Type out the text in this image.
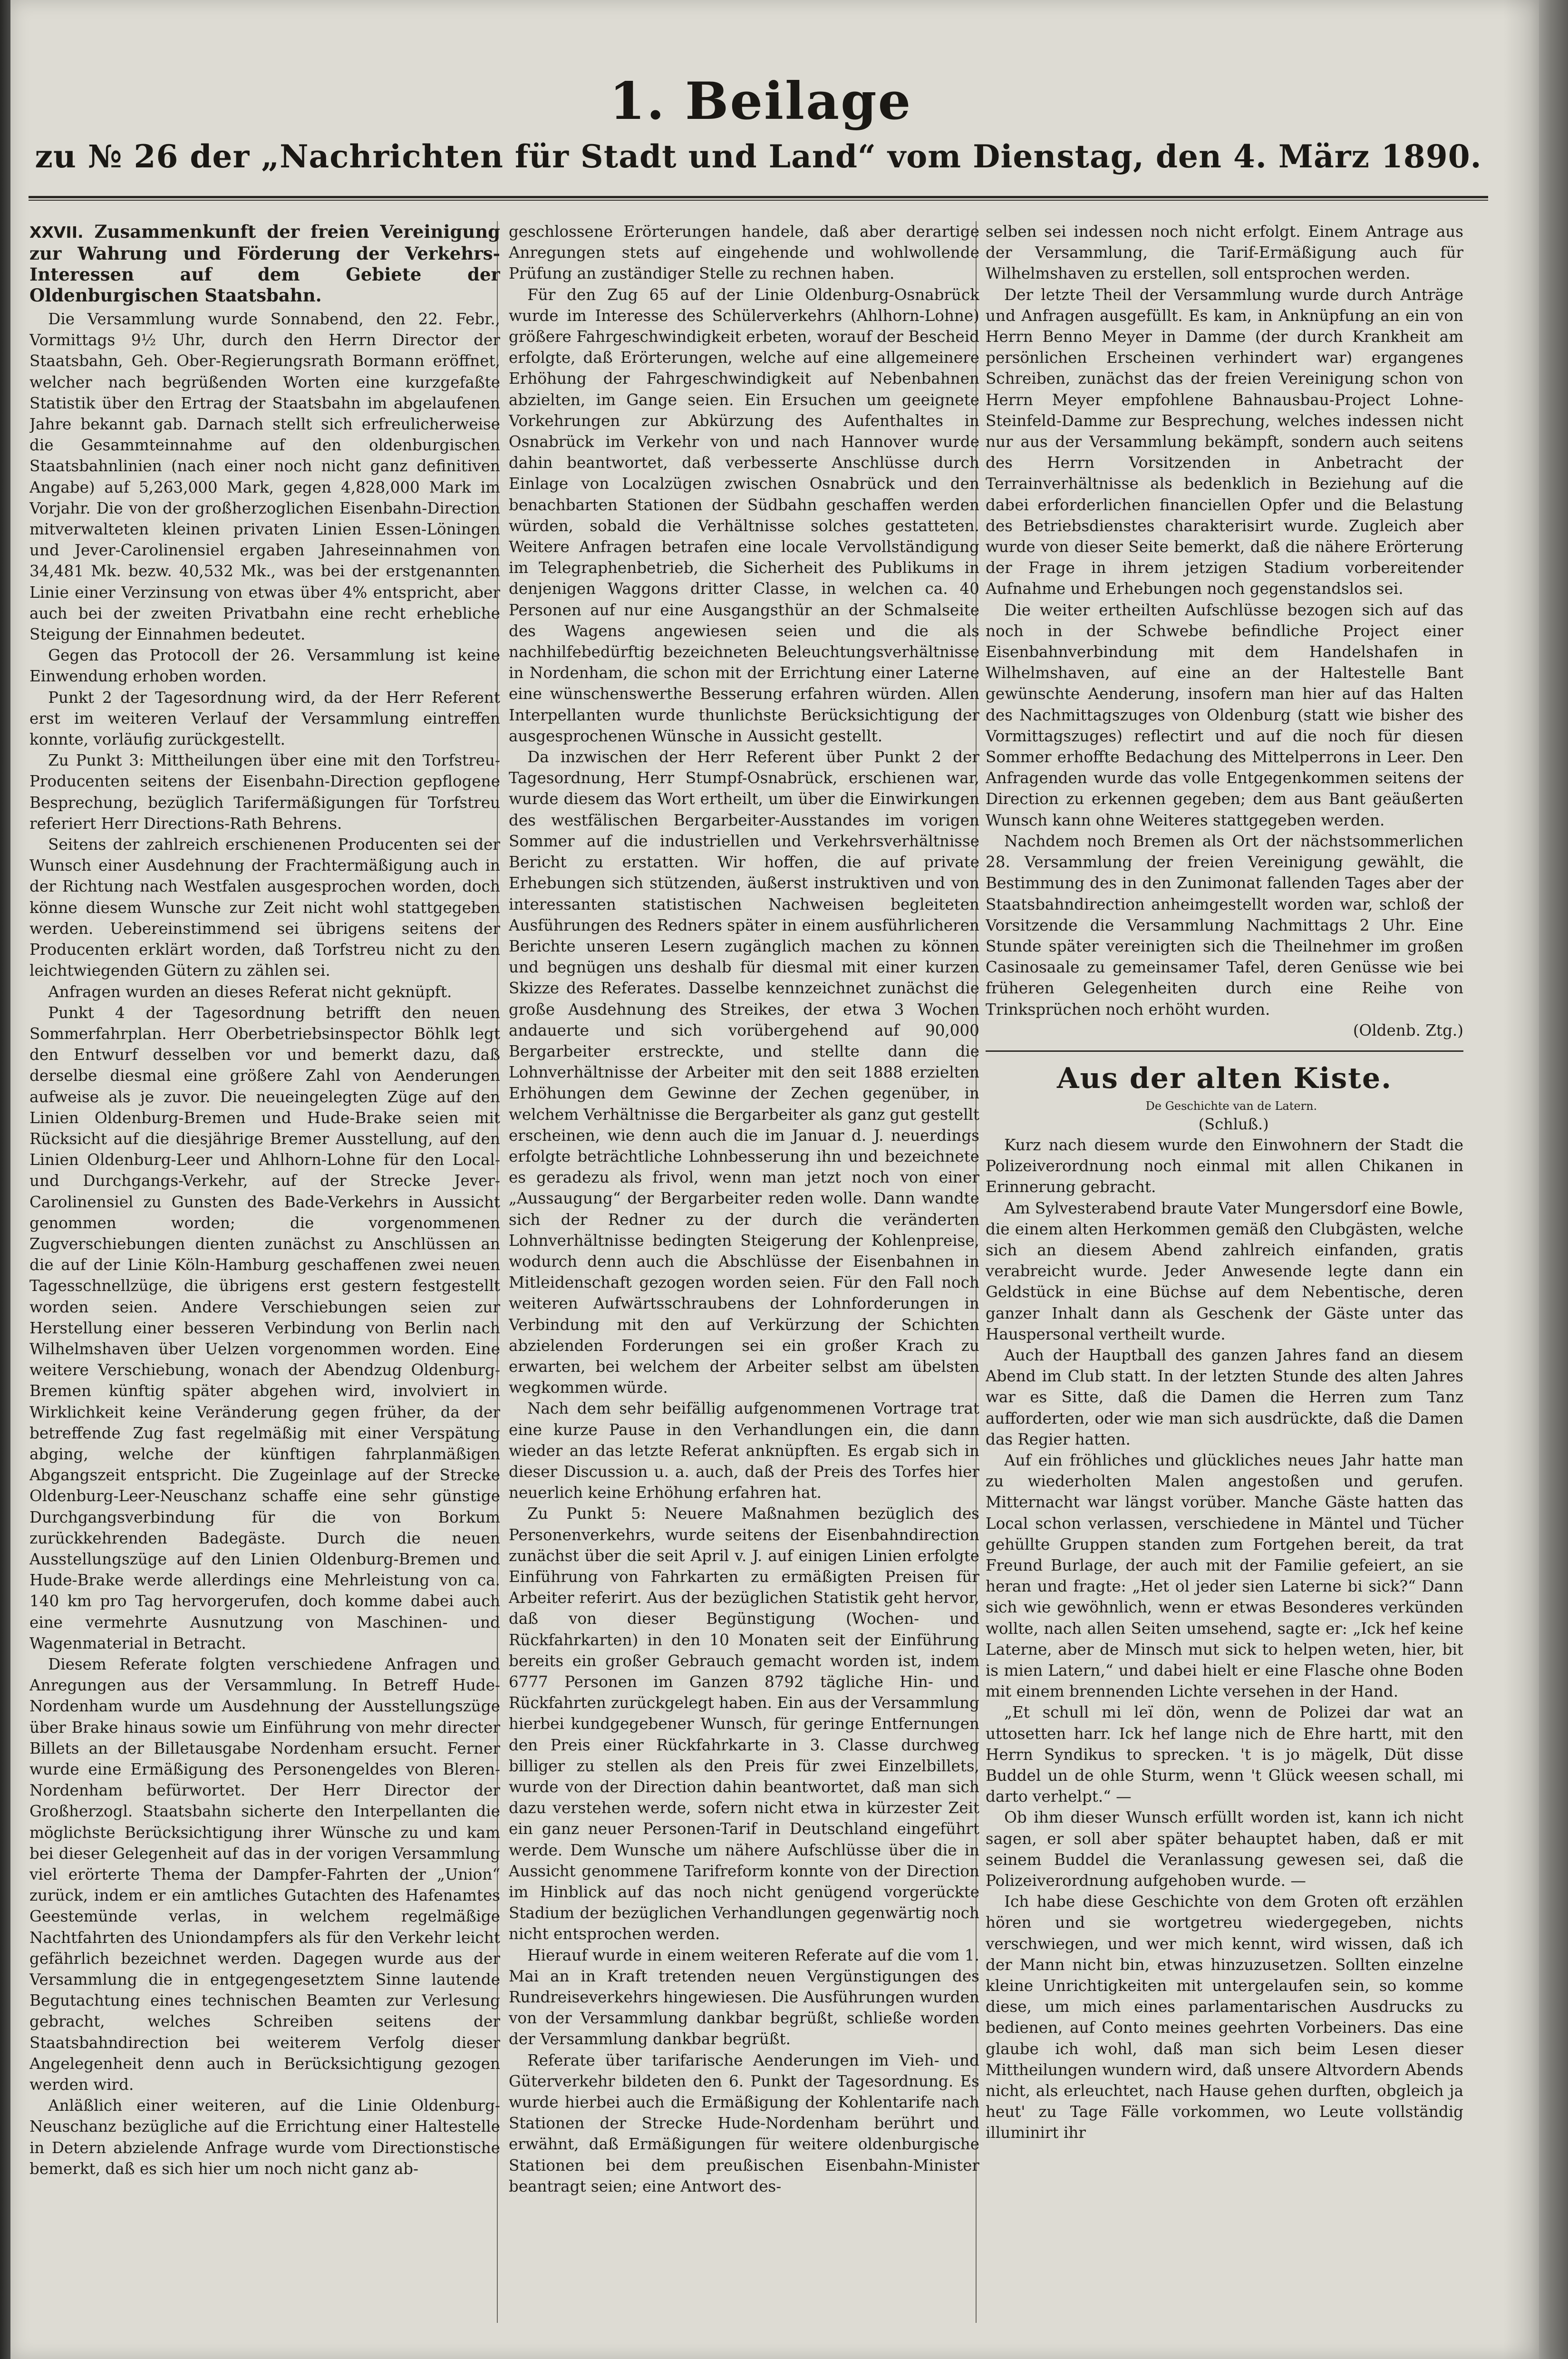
1. Beilage
zu № 26 der „Nachrichten für Stadt und Land“ vom Dienstag, den 4. März 1890.
XXVII. Zusammenkunft der freien Vereinigung zur Wahrung und Förderung der Verkehrs-Interessen auf dem Gebiete der Oldenburgischen Staatsbahn.

Die Versammlung wurde Sonnabend, den 22. Febr., Vormittags 9½ Uhr, durch den Herrn Director der Staatsbahn, Geh. Ober-Regierungsrath Bormann eröffnet, welcher nach begrüßenden Worten eine kurzgefaßte Statistik über den Ertrag der Staatsbahn im abgelaufenen Jahre bekannt gab. Darnach stellt sich erfreulicherweise die Gesammteinnahme auf den oldenburgischen Staatsbahnlinien (nach einer noch nicht ganz definitiven Angabe) auf 5,263,000 Mark, gegen 4,828,000 Mark im Vorjahr. Die von der großherzoglichen Eisenbahn-Direction mitverwalteten kleinen privaten Linien Essen-Löningen und Jever-Carolinensiel ergaben Jahreseinnahmen von 34,481 Mk. bezw. 40,532 Mk., was bei der erstgenannten Linie einer Verzinsung von etwas über 4% entspricht, aber auch bei der zweiten Privatbahn eine recht erhebliche Steigung der Einnahmen bedeutet.

Gegen das Protocoll der 26. Versammlung ist keine Einwendung erhoben worden.

Punkt 2 der Tagesordnung wird, da der Herr Referent erst im weiteren Verlauf der Versammlung eintreffen konnte, vorläufig zurückgestellt.

Zu Punkt 3: Mittheilungen über eine mit den Torfstreu-Producenten seitens der Eisenbahn-Direction gepflogene Besprechung, bezüglich Tarifermäßigungen für Torfstreu referiert Herr Directions-Rath Behrens.

Seitens der zahlreich erschienenen Producenten sei der Wunsch einer Ausdehnung der Frachtermäßigung auch in der Richtung nach Westfalen ausgesprochen worden, doch könne diesem Wunsche zur Zeit nicht wohl stattgegeben werden. Uebereinstimmend sei übrigens seitens der Producenten erklärt worden, daß Torfstreu nicht zu den leichtwiegenden Gütern zu zählen sei.

Anfragen wurden an dieses Referat nicht geknüpft.

Punkt 4 der Tagesordnung betrifft den neuen Sommerfahrplan. Herr Oberbetriebsinspector Böhlk legt den Entwurf desselben vor und bemerkt dazu, daß derselbe diesmal eine größere Zahl von Aenderungen aufweise als je zuvor. Die neueingelegten Züge auf den Linien Oldenburg-Bremen und Hude-Brake seien mit Rücksicht auf die diesjährige Bremer Ausstellung, auf den Linien Oldenburg-Leer und Ahlhorn-Lohne für den Local- und Durchgangs-Verkehr, auf der Strecke Jever-Carolinensiel zu Gunsten des Bade-Verkehrs in Aussicht genommen worden; die vorgenommenen Zugverschiebungen dienten zunächst zu Anschlüssen an die auf der Linie Köln-Hamburg geschaffenen zwei neuen Tagesschnellzüge, die übrigens erst gestern festgestellt worden seien. Andere Verschiebungen seien zur Herstellung einer besseren Verbindung von Berlin nach Wilhelmshaven über Uelzen vorgenommen worden. Eine weitere Verschiebung, wonach der Abendzug Oldenburg-Bremen künftig später abgehen wird, involviert in Wirklichkeit keine Veränderung gegen früher, da der betreffende Zug fast regelmäßig mit einer Verspätung abging, welche der künftigen fahrplanmäßigen Abgangszeit entspricht. Die Zugeinlage auf der Strecke Oldenburg-Leer-Neuschanz schaffe eine sehr günstige Durchgangsverbindung für die von Borkum zurückkehrenden Badegäste. Durch die neuen Ausstellungszüge auf den Linien Oldenburg-Bremen und Hude-Brake werde allerdings eine Mehrleistung von ca. 140 km pro Tag hervorgerufen, doch komme dabei auch eine vermehrte Ausnutzung von Maschinen- und Wagenmaterial in Betracht.

Diesem Referate folgten verschiedene Anfragen und Anregungen aus der Versammlung. In Betreff Hude-Nordenham wurde um Ausdehnung der Ausstellungszüge über Brake hinaus sowie um Einführung von mehr directer Billets an der Billetausgabe Nordenham ersucht. Ferner wurde eine Ermäßigung des Personengeldes von Bleren-Nordenham befürwortet. Der Herr Director der Großherzogl. Staatsbahn sicherte den Interpellanten die möglichste Berücksichtigung ihrer Wünsche zu und kam bei dieser Gelegenheit auf das in der vorigen Versammlung viel erörterte Thema der Dampfer-Fahrten der „Union“ zurück, indem er ein amtliches Gutachten des Hafenamtes Geestemünde verlas, in welchem regelmäßige Nachtfahrten des Uniondampfers als für den Verkehr leicht gefährlich bezeichnet werden. Dagegen wurde aus der Versammlung die in entgegengesetztem Sinne lautende Begutachtung eines technischen Beamten zur Verlesung gebracht, welches Schreiben seitens der Staatsbahndirection bei weiterem Verfolg dieser Angelegenheit denn auch in Berücksichtigung gezogen werden wird.

Anläßlich einer weiteren, auf die Linie Oldenburg-Neuschanz bezügliche auf die Errichtung einer Haltestelle in Detern abzielende Anfrage wurde vom Directionstische bemerkt, daß es sich hier um noch nicht ganz ab-

geschlossene Erörterungen handele, daß aber derartige Anregungen stets auf eingehende und wohlwollende Prüfung an zuständiger Stelle zu rechnen haben.

Für den Zug 65 auf der Linie Oldenburg-Osnabrück wurde im Interesse des Schülerverkehrs (Ahlhorn-Lohne) größere Fahrgeschwindigkeit erbeten, worauf der Bescheid erfolgte, daß Erörterungen, welche auf eine allgemeinere Erhöhung der Fahrgeschwindigkeit auf Nebenbahnen abzielten, im Gange seien. Ein Ersuchen um geeignete Vorkehrungen zur Abkürzung des Aufenthaltes in Osnabrück im Verkehr von und nach Hannover wurde dahin beantwortet, daß verbesserte Anschlüsse durch Einlage von Localzügen zwischen Osnabrück und den benachbarten Stationen der Südbahn geschaffen werden würden, sobald die Verhältnisse solches gestatteten. Weitere Anfragen betrafen eine locale Vervollständigung im Telegraphenbetrieb, die Sicherheit des Publikums in denjenigen Waggons dritter Classe, in welchen ca. 40 Personen auf nur eine Ausgangsthür an der Schmalseite des Wagens angewiesen seien und die als nachhilfebedürftig bezeichneten Beleuchtungsverhältnisse in Nordenham, die schon mit der Errichtung einer Laterne eine wünschenswerthe Besserung erfahren würden. Allen Interpellanten wurde thunlichste Berücksichtigung der ausgesprochenen Wünsche in Aussicht gestellt.

Da inzwischen der Herr Referent über Punkt 2 der Tagesordnung, Herr Stumpf-Osnabrück, erschienen war, wurde diesem das Wort ertheilt, um über die Einwirkungen des westfälischen Bergarbeiter-Ausstandes im vorigen Sommer auf die industriellen und Verkehrsverhältnisse Bericht zu erstatten. Wir hoffen, die auf private Erhebungen sich stützenden, äußerst instruktiven und von interessanten statistischen Nachweisen begleiteten Ausführungen des Redners später in einem ausführlicheren Berichte unseren Lesern zugänglich machen zu können und begnügen uns deshalb für diesmal mit einer kurzen Skizze des Referates. Dasselbe kennzeichnet zunächst die große Ausdehnung des Streikes, der etwa 3 Wochen andauerte und sich vorübergehend auf 90,000 Bergarbeiter erstreckte, und stellte dann die Lohnverhältnisse der Arbeiter mit den seit 1888 erzielten Erhöhungen dem Gewinne der Zechen gegenüber, in welchem Verhältnisse die Bergarbeiter als ganz gut gestellt erscheinen, wie denn auch die im Januar d. J. neuerdings erfolgte beträchtliche Lohnbesserung ihn und bezeichnete es geradezu als frivol, wenn man jetzt noch von einer „Aussaugung“ der Bergarbeiter reden wolle. Dann wandte sich der Redner zu der durch die veränderten Lohnverhältnisse bedingten Steigerung der Kohlenpreise, wodurch denn auch die Abschlüsse der Eisenbahnen in Mitleidenschaft gezogen worden seien. Für den Fall noch weiteren Aufwärtsschraubens der Lohnforderungen in Verbindung mit den auf Verkürzung der Schichten abzielenden Forderungen sei ein großer Krach zu erwarten, bei welchem der Arbeiter selbst am übelsten wegkommen würde.

Nach dem sehr beifällig aufgenommenen Vortrage trat eine kurze Pause in den Verhandlungen ein, die dann wieder an das letzte Referat anknüpften. Es ergab sich in dieser Discussion u. a. auch, daß der Preis des Torfes hier neuerlich keine Erhöhung erfahren hat.

Zu Punkt 5: Neuere Maßnahmen bezüglich des Personenverkehrs, wurde seitens der Eisenbahndirection zunächst über die seit April v. J. auf einigen Linien erfolgte Einführung von Fahrkarten zu ermäßigten Preisen für Arbeiter referirt. Aus der bezüglichen Statistik geht hervor, daß von dieser Begünstigung (Wochen- und Rückfahrkarten) in den 10 Monaten seit der Einführung bereits ein großer Gebrauch gemacht worden ist, indem 6777 Personen im Ganzen 8792 tägliche Hin- und Rückfahrten zurückgelegt haben. Ein aus der Versammlung hierbei kundgegebener Wunsch, für geringe Entfernungen den Preis einer Rückfahrkarte in 3. Classe durchweg billiger zu stellen als den Preis für zwei Einzelbillets, wurde von der Direction dahin beantwortet, daß man sich dazu verstehen werde, sofern nicht etwa in kürzester Zeit ein ganz neuer Personen-Tarif in Deutschland eingeführt werde. Dem Wunsche um nähere Aufschlüsse über die in Aussicht genommene Tarifreform konnte von der Direction im Hinblick auf das noch nicht genügend vorgerückte Stadium der bezüglichen Verhandlungen gegenwärtig noch nicht entsprochen werden.

Hierauf wurde in einem weiteren Referate auf die vom 1. Mai an in Kraft tretenden neuen Vergünstigungen des Rundreiseverkehrs hingewiesen. Die Ausführungen wurden von der Versammlung dankbar begrüßt, schließe worden der Versammlung dankbar begrüßt.

Referate über tarifarische Aenderungen im Vieh- und Güterverkehr bildeten den 6. Punkt der Tagesordnung. Es wurde hierbei auch die Ermäßigung der Kohlentarife nach Stationen der Strecke Hude-Nordenham berührt und erwähnt, daß Ermäßigungen für weitere oldenburgische Stationen bei dem preußischen Eisenbahn-Minister beantragt seien; eine Antwort des-

selben sei indessen noch nicht erfolgt. Einem Antrage aus der Versammlung, die Tarif-Ermäßigung auch für Wilhelmshaven zu erstellen, soll entsprochen werden.

Der letzte Theil der Versammlung wurde durch Anträge und Anfragen ausgefüllt. Es kam, in Anknüpfung an ein von Herrn Benno Meyer in Damme (der durch Krankheit am persönlichen Erscheinen verhindert war) ergangenes Schreiben, zunächst das der freien Vereinigung schon von Herrn Meyer empfohlene Bahnausbau-Project Lohne-Steinfeld-Damme zur Besprechung, welches indessen nicht nur aus der Versammlung bekämpft, sondern auch seitens des Herrn Vorsitzenden in Anbetracht der Terrainverhältnisse als bedenklich in Beziehung auf die dabei erforderlichen financiellen Opfer und die Belastung des Betriebsdienstes charakterisirt wurde. Zugleich aber wurde von dieser Seite bemerkt, daß die nähere Erörterung der Frage in ihrem jetzigen Stadium vorbereitender Aufnahme und Erhebungen noch gegenstandslos sei.

Die weiter ertheilten Aufschlüsse bezogen sich auf das noch in der Schwebe befindliche Project einer Eisenbahnverbindung mit dem Handelshafen in Wilhelmshaven, auf eine an der Haltestelle Bant gewünschte Aenderung, insofern man hier auf das Halten des Nachmittagszuges von Oldenburg (statt wie bisher des Vormittagszuges) reflectirt und auf die noch für diesen Sommer erhoffte Bedachung des Mittelperrons in Leer. Den Anfragenden wurde das volle Entgegenkommen seitens der Direction zu erkennen gegeben; dem aus Bant geäußerten Wunsch kann ohne Weiteres stattgegeben werden.

Nachdem noch Bremen als Ort der nächstsommerlichen 28. Versammlung der freien Vereinigung gewählt, die Bestimmung des in den Zunimonat fallenden Tages aber der Staatsbahndirection anheimgestellt worden war, schloß der Vorsitzende die Versammlung Nachmittags 2 Uhr. Eine Stunde später vereinigten sich die Theilnehmer im großen Casinosaale zu gemeinsamer Tafel, deren Genüsse wie bei früheren Gelegenheiten durch eine Reihe von Trinksprüchen noch erhöht wurden.

(Oldenb. Ztg.)

Aus der alten Kiste.

De Geschichte van de Latern.

(Schluß.)

Kurz nach diesem wurde den Einwohnern der Stadt die Polizeiverordnung noch einmal mit allen Chikanen in Erinnerung gebracht.

Am Sylvesterabend braute Vater Mungersdorf eine Bowle, die einem alten Herkommen gemäß den Clubgästen, welche sich an diesem Abend zahlreich einfanden, gratis verabreicht wurde. Jeder Anwesende legte dann ein Geldstück in eine Büchse auf dem Nebentische, deren ganzer Inhalt dann als Geschenk der Gäste unter das Hauspersonal vertheilt wurde.

Auch der Hauptball des ganzen Jahres fand an diesem Abend im Club statt. In der letzten Stunde des alten Jahres war es Sitte, daß die Damen die Herren zum Tanz aufforderten, oder wie man sich ausdrückte, daß die Damen das Regier hatten.

Auf ein fröhliches und glückliches neues Jahr hatte man zu wiederholten Malen angestoßen und gerufen. Mitternacht war längst vorüber. Manche Gäste hatten das Local schon verlassen, verschiedene in Mäntel und Tücher gehüllte Gruppen standen zum Fortgehen bereit, da trat Freund Burlage, der auch mit der Familie gefeiert, an sie heran und fragte: „Het ol jeder sien Laterne bi sick?“ Dann sich wie gewöhnlich, wenn er etwas Besonderes verkünden wollte, nach allen Seiten umsehend, sagte er: „Ick hef keine Laterne, aber de Minsch mut sick to helpen weten, hier, bit is mien Latern,“ und dabei hielt er eine Flasche ohne Boden mit einem brennenden Lichte versehen in der Hand.

„Et schull mi leï dön, wenn de Polizei dar wat an uttosetten harr. Ick hef lange nich de Ehre hartt, mit den Herrn Syndikus to sprecken. 't is jo mägelk, Düt disse Buddel un de ohle Sturm, wenn 't Glück weesen schall, mi darto verhelpt.“ —

Ob ihm dieser Wunsch erfüllt worden ist, kann ich nicht sagen, er soll aber später behauptet haben, daß er mit seinem Buddel die Veranlassung gewesen sei, daß die Polizeiverordnung aufgehoben wurde. —

Ich habe diese Geschichte von dem Groten oft erzählen hören und sie wortgetreu wiedergegeben, nichts verschwiegen, und wer mich kennt, wird wissen, daß ich der Mann nicht bin, etwas hinzuzusetzen. Sollten einzelne kleine Unrichtigkeiten mit untergelaufen sein, so komme diese, um mich eines parlamentarischen Ausdrucks zu bedienen, auf Conto meines geehrten Vorbeiners. Das eine glaube ich wohl, daß man sich beim Lesen dieser Mittheilungen wundern wird, daß unsere Altvordern Abends nicht, als erleuchtet, nach Hause gehen durften, obgleich ja heut' zu Tage Fälle vorkommen, wo Leute vollständig illuminirt ihr
